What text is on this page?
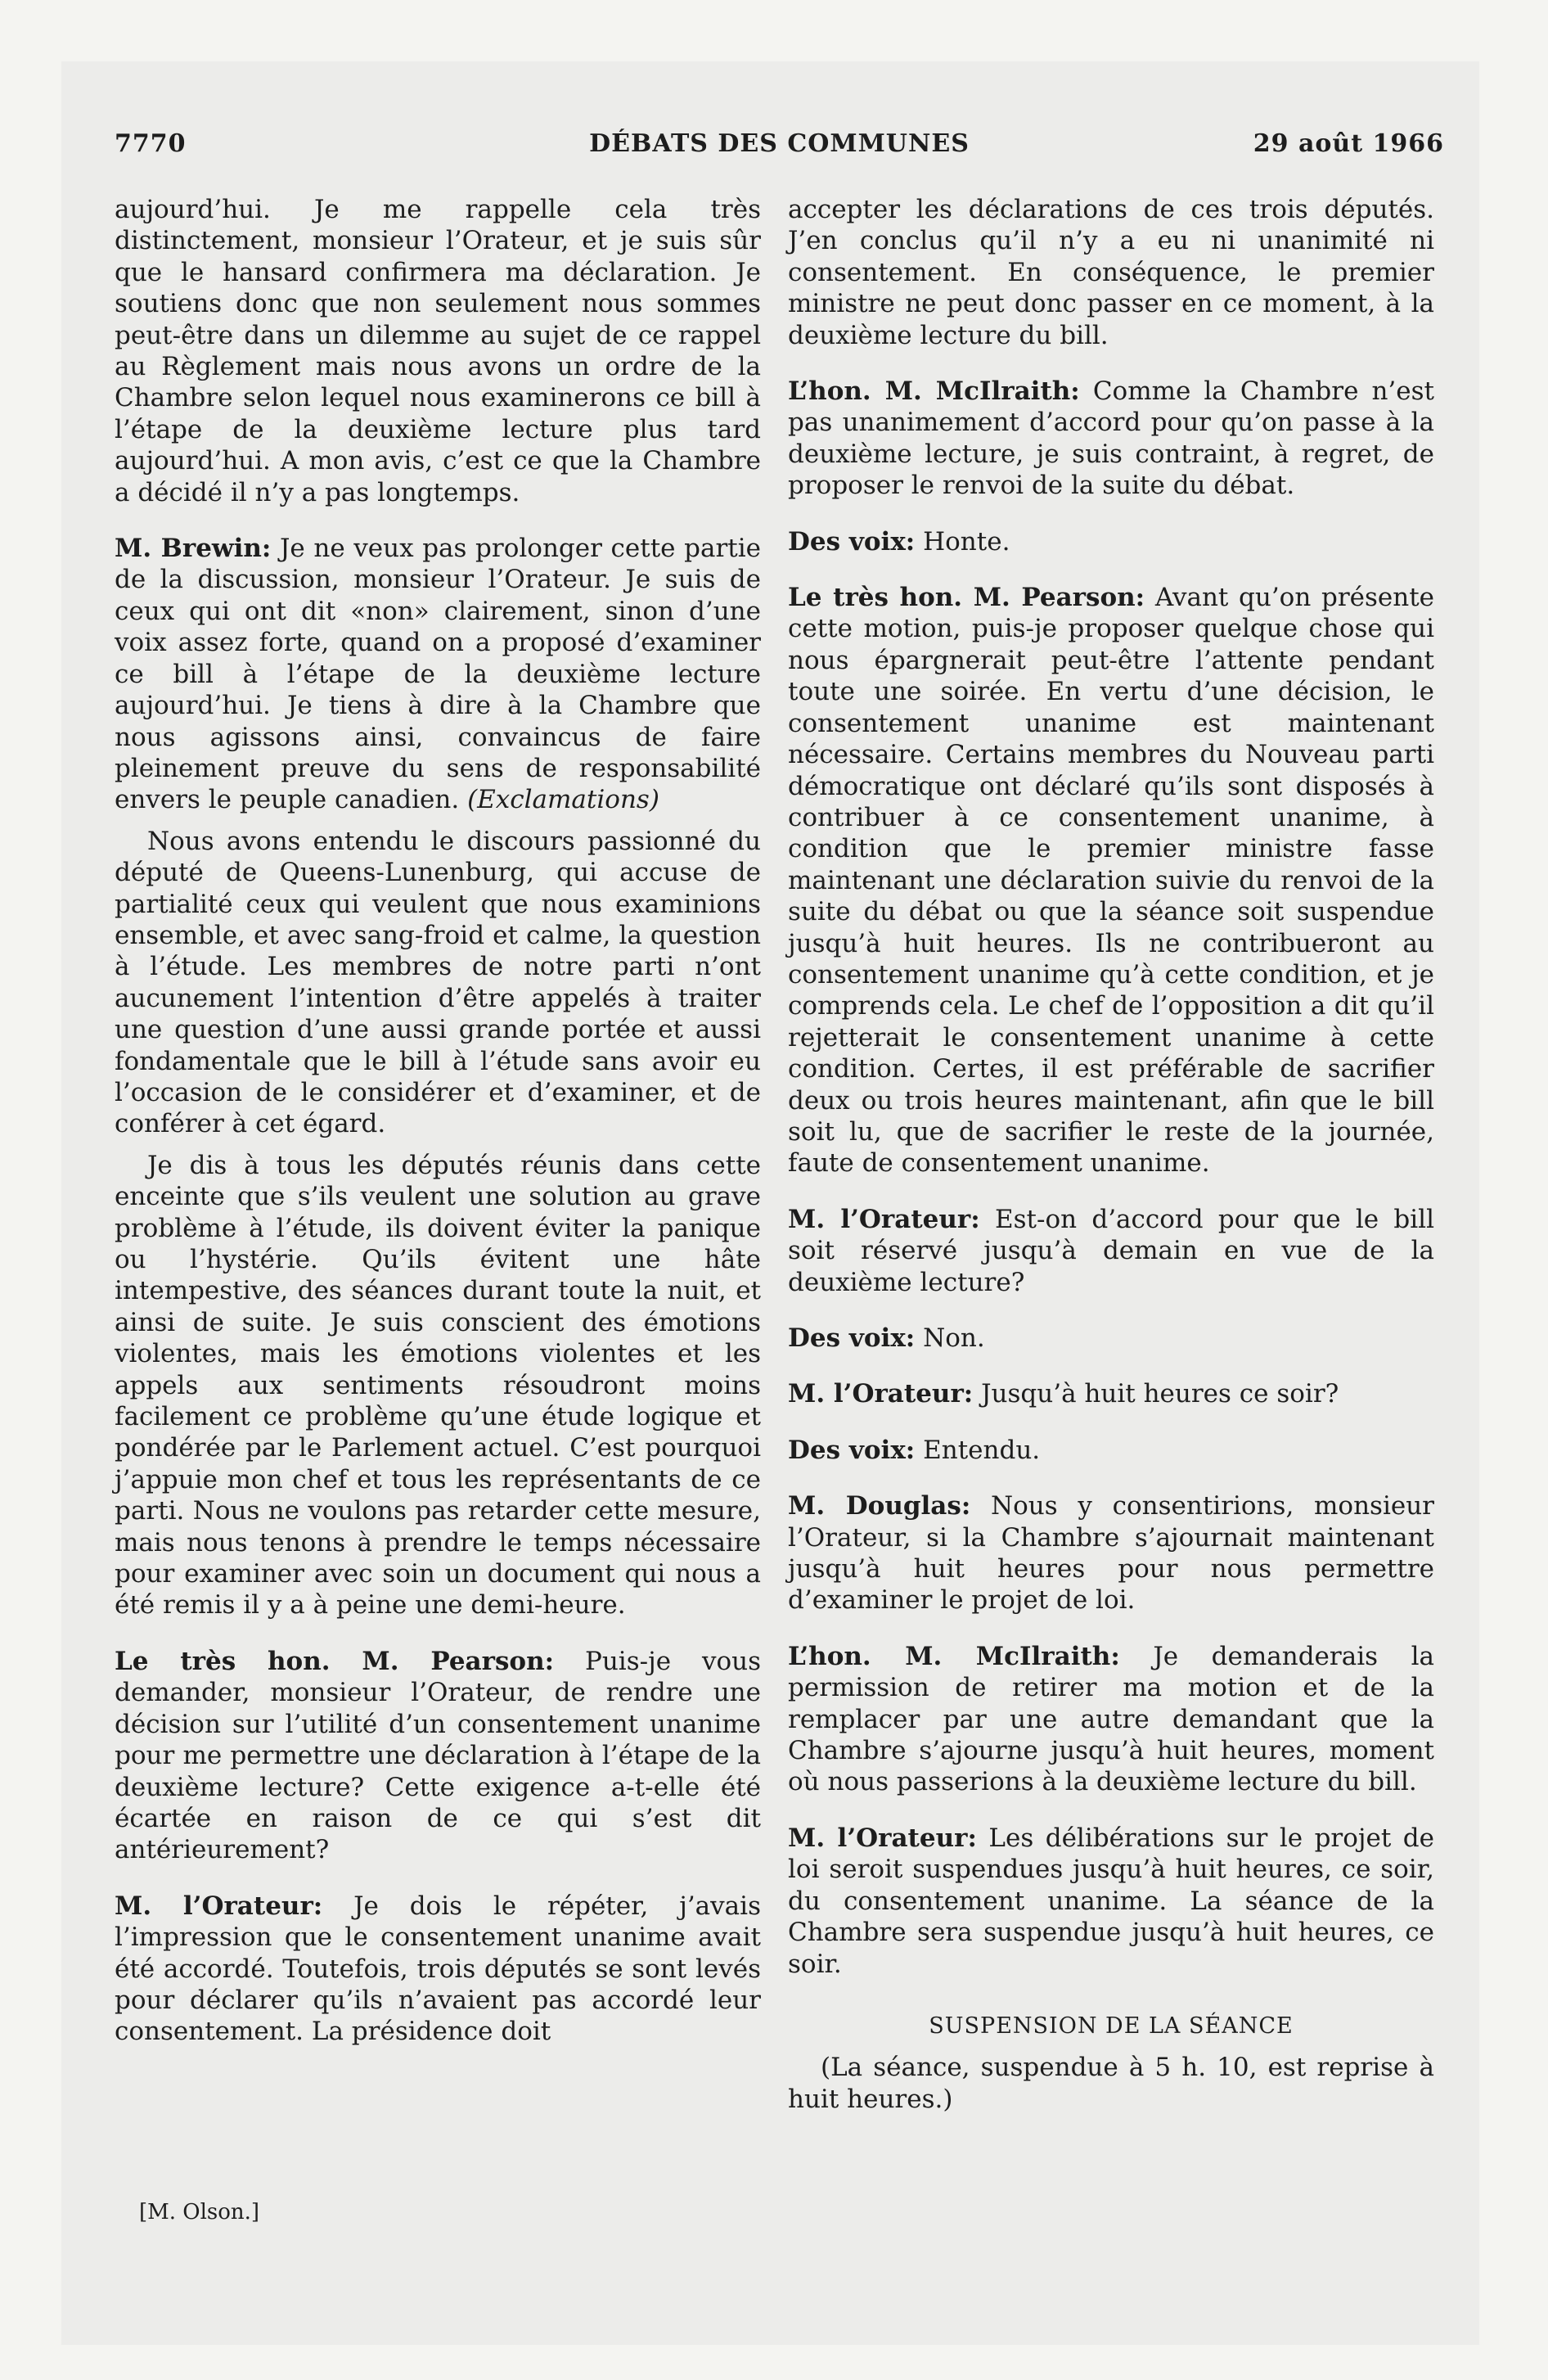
7770	DÉBATS DES COMMUNES	29 août 1966

aujourd’hui. Je me rappelle cela très distinctement, monsieur l’Orateur, et je suis sûr que le hansard confirmera ma déclaration. Je soutiens donc que non seulement nous sommes peut-être dans un dilemme au sujet de ce rappel au Règlement mais nous avons un ordre de la Chambre selon lequel nous examinerons ce bill à l’étape de la deuxième lecture plus tard aujourd’hui. A mon avis, c’est ce que la Chambre a décidé il n’y a pas longtemps.

M. Brewin: Je ne veux pas prolonger cette partie de la discussion, monsieur l’Orateur. Je suis de ceux qui ont dit «non» clairement, sinon d’une voix assez forte, quand on a proposé d’examiner ce bill à l’étape de la deuxième lecture aujourd’hui. Je tiens à dire à la Chambre que nous agissons ainsi, convaincus de faire pleinement preuve du sens de responsabilité envers le peuple canadien. (Exclamations)

Nous avons entendu le discours passionné du député de Queens-Lunenburg, qui accuse de partialité ceux qui veulent que nous examinions ensemble, et avec sang-froid et calme, la question à l’étude. Les membres de notre parti n’ont aucunement l’intention d’être appelés à traiter une question d’une aussi grande portée et aussi fondamentale que le bill à l’étude sans avoir eu l’occasion de le considérer et d’examiner, et de conférer à cet égard.

Je dis à tous les députés réunis dans cette enceinte que s’ils veulent une solution au grave problème à l’étude, ils doivent éviter la panique ou l’hystérie. Qu’ils évitent une hâte intempestive, des séances durant toute la nuit, et ainsi de suite. Je suis conscient des émotions violentes, mais les émotions violentes et les appels aux sentiments résoudront moins facilement ce problème qu’une étude logique et pondérée par le Parlement actuel. C’est pourquoi j’appuie mon chef et tous les représentants de ce parti. Nous ne voulons pas retarder cette mesure, mais nous tenons à prendre le temps nécessaire pour examiner avec soin un document qui nous a été remis il y a à peine une demi-heure.

Le très hon. M. Pearson: Puis-je vous demander, monsieur l’Orateur, de rendre une décision sur l’utilité d’un consentement unanime pour me permettre une déclaration à l’étape de la deuxième lecture? Cette exigence a-t-elle été écartée en raison de ce qui s’est dit antérieurement?

M. l’Orateur: Je dois le répéter, j’avais l’impression que le consentement unanime avait été accordé. Toutefois, trois députés se sont levés pour déclarer qu’ils n’avaient pas accordé leur consentement. La présidence doit

accepter les déclarations de ces trois députés. J’en conclus qu’il n’y a eu ni unanimité ni consentement. En conséquence, le premier ministre ne peut donc passer en ce moment, à la deuxième lecture du bill.

L’hon. M. McIlraith: Comme la Chambre n’est pas unanimement d’accord pour qu’on passe à la deuxième lecture, je suis contraint, à regret, de proposer le renvoi de la suite du débat.

Des voix: Honte.

Le très hon. M. Pearson: Avant qu’on présente cette motion, puis-je proposer quelque chose qui nous épargnerait peut-être l’attente pendant toute une soirée. En vertu d’une décision, le consentement unanime est maintenant nécessaire. Certains membres du Nouveau parti démocratique ont déclaré qu’ils sont disposés à contribuer à ce consentement unanime, à condition que le premier ministre fasse maintenant une déclaration suivie du renvoi de la suite du débat ou que la séance soit suspendue jusqu’à huit heures. Ils ne contribueront au consentement unanime qu’à cette condition, et je comprends cela. Le chef de l’opposition a dit qu’il rejetterait le consentement unanime à cette condition. Certes, il est préférable de sacrifier deux ou trois heures maintenant, afin que le bill soit lu, que de sacrifier le reste de la journée, faute de consentement unanime.

M. l’Orateur: Est-on d’accord pour que le bill soit réservé jusqu’à demain en vue de la deuxième lecture?

Des voix: Non.

M. l’Orateur: Jusqu’à huit heures ce soir?

Des voix: Entendu.

M. Douglas: Nous y consentirions, monsieur l’Orateur, si la Chambre s’ajournait maintenant jusqu’à huit heures pour nous permettre d’examiner le projet de loi.

L’hon. M. McIlraith: Je demanderais la permission de retirer ma motion et de la remplacer par une autre demandant que la Chambre s’ajourne jusqu’à huit heures, moment où nous passerions à la deuxième lecture du bill.

M. l’Orateur: Les délibérations sur le projet de loi seroit suspendues jusqu’à huit heures, ce soir, du consentement unanime. La séance de la Chambre sera suspendue jusqu’à huit heures, ce soir.

SUSPENSION DE LA SÉANCE

(La séance, suspendue à 5 h. 10, est reprise à huit heures.)

[M. Olson.]
